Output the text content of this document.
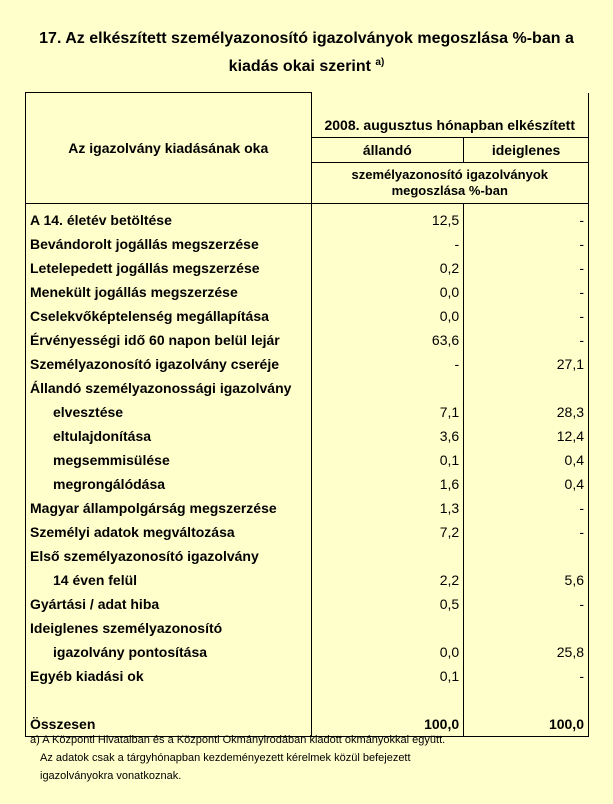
17. Az elkészített személyazonosító igazolványok megoszlása %-ban a
kiadás okai szerint $^{a)}$
Az igazolvány kiadásának oka		
	2008. augusztus hónapban elkészített	
	állandó	ideiglenes

	személyazonosító igazolványok
megoszlása %-ban	

A 14. életév betöltése	12,5	-
Bevándorolt jogállás megszerzése	-	-
Letelepedett jogállás megszerzése	0,2	-
Menekült jogállás megszerzése	0,0	-
Cselekvőképtelenség megállapítása	0,0	-
Érvényességi idő 60 napon belül lejár	63,6	-
Személyazonosító igazolvány cseréje	-	27,1
Állandó személyazonossági igazolvány		
elvesztése	7,1	28,3
eltulajdonítása	3,6	12,4
megsemmisülése	0,1	0,4
megrongálódása	1,6	0,4
Magyar állampolgárság megszerzése	1,3	-
Személyi adatok megváltozása	7,2	-
Első személyazonosító igazolvány		
14 éven felül	2,2	5,6
Gyártási / adat hiba	0,5	-
Ideiglenes személyazonosító		
igazolvány pontosítása	0,0	25,8
Egyéb kiadási ok	0,1	-

Összesen	100,0	100,0
a) A Központi Hivatalban és a Központi Okmányirodában kiadott okmányokkal együtt.
Az adatok csak a tárgyhónapban kezdeményezett kérelmek közül befejezett
igazolványokra vonatkoznak.
